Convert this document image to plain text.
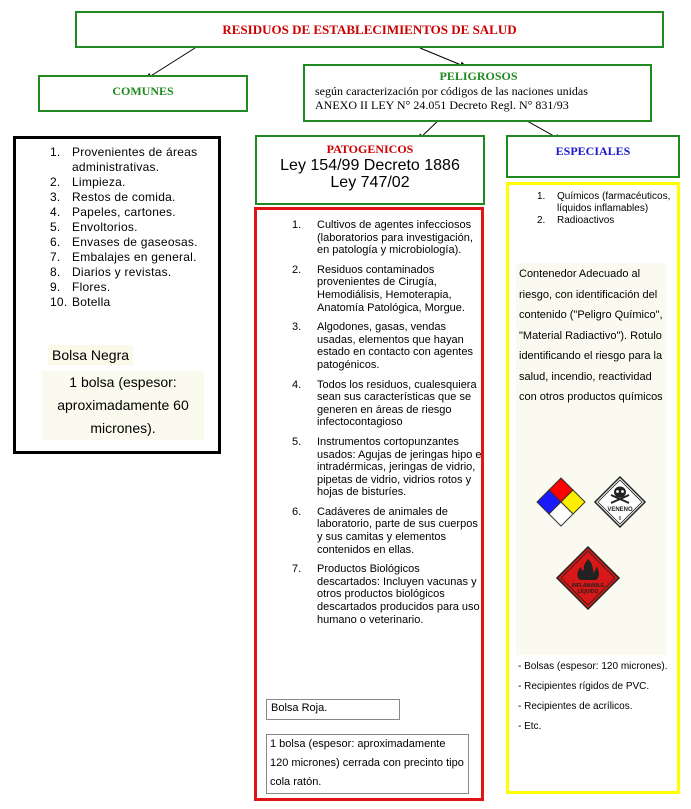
RESIDUOS DE ESTABLECIMIENTOS DE SALUD
COMUNES
PELIGROSOS
según caracterización por códigos de las naciones unidas
ANEXO II LEY N° 24.051 Decreto Regl. N° 831/93
PATOGENICOS
Ley 154/99 Decreto 1886
Ley 747/02
ESPECIALES
1. Provenientes de áreas administrativas.
2. Limpieza.
3. Restos de comida.
4. Papeles, cartones.
5. Envoltorios.
6. Envases de gaseosas.
7. Embalajes en general.
8. Diarios y revistas.
9. Flores.
10. Botella
Bolsa Negra
1 bolsa (espesor: aproximadamente 60 micrones).
1. Cultivos de agentes infecciosos (laboratorios para investigación, en patología y microbiología).
2. Residuos contaminados provenientes de Cirugía, Hemodiálisis, Hemoterapia, Anatomía Patológica, Morgue.
3. Algodones, gasas, vendas usadas, elementos que hayan estado en contacto con agentes patogénicos.
4. Todos los residuos, cualesquiera sean sus características que se generen en áreas de riesgo infectocontagioso
5. Instrumentos cortopunzantes usados: Agujas de jeringas hipo e intradérmicas, jeringas de vidrio, pipetas de vidrio, vidrios rotos y hojas de bisturíes.
6. Cadáveres de animales de laboratorio, parte de sus cuerpos y sus camitas y elementos contenidos en ellas.
7. Productos Biológicos descartados: Incluyen vacunas y otros productos biológicos descartados producidos para uso humano o veterinario.
Bolsa Roja.
1 bolsa (espesor: aproximadamente 120 micrones) cerrada con precinto tipo cola ratón.
1. Químicos (farmacéuticos, líquidos inflamables)
2. Radioactivos
Contenedor Adecuado al riesgo, con identificación del contenido ("Peligro Químico", "Material Radiactivo"). Rotulo identificando el riesgo para la salud, incendio, reactividad con otros productos químicos
VENENO
6
INFLAMABLE
LÍQUIDO
- Bolsas (espesor: 120 micrones).
- Recipientes rígidos de PVC.
- Recipientes de acrílicos.
- Etc.
